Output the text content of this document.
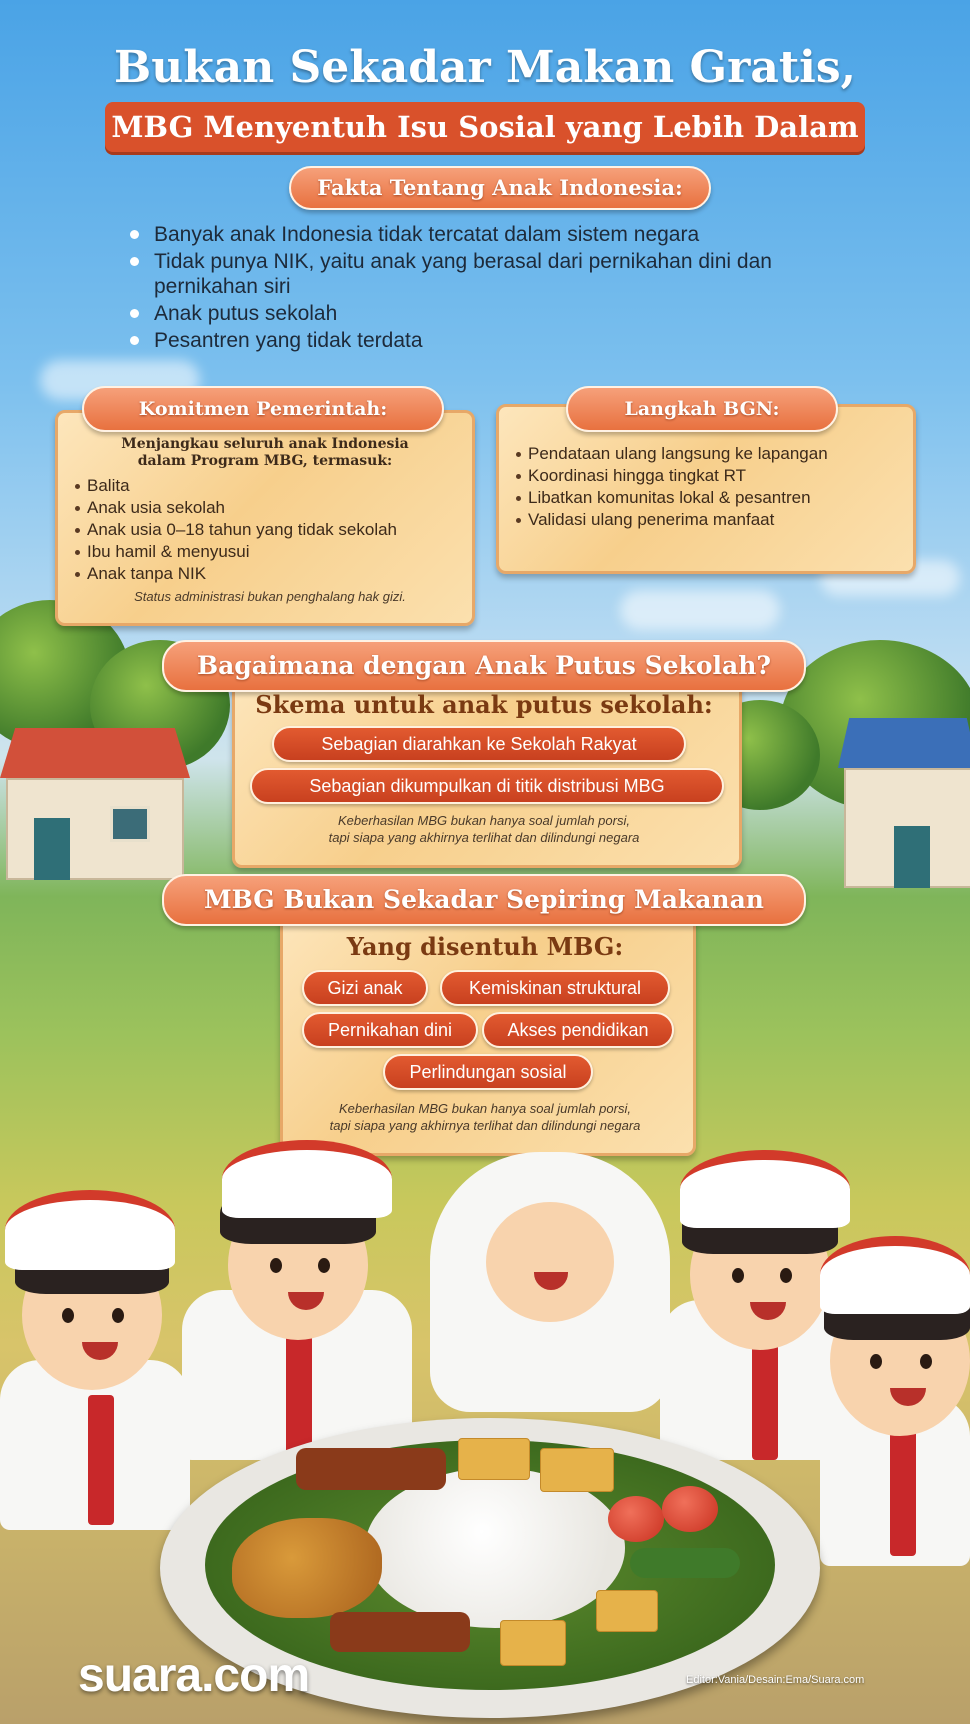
Bukan Sekadar Makan Gratis,
MBG Menyentuh Isu Sosial yang Lebih Dalam
Fakta Tentang Anak Indonesia:
Banyak anak Indonesia tidak tercatat dalam sistem negara
Tidak punya NIK, yaitu anak yang berasal dari pernikahan dini dan pernikahan siri
Anak putus sekolah
Pesantren yang tidak terdata
Komitmen Pemerintah:
Menjangkau seluruh anak Indonesia
dalam Program MBG, termasuk:
Balita
Anak usia sekolah
Anak usia 0–18 tahun yang tidak sekolah
Ibu hamil & menyusui
Anak tanpa NIK
Status administrasi bukan penghalang hak gizi.
Langkah BGN:
Pendataan ulang langsung ke lapangan
Koordinasi hingga tingkat RT
Libatkan komunitas lokal & pesantren
Validasi ulang penerima manfaat
Bagaimana dengan Anak Putus Sekolah?
Skema untuk anak putus sekolah:
Sebagian diarahkan ke Sekolah Rakyat
Sebagian dikumpulkan di titik distribusi MBG
Keberhasilan MBG bukan hanya soal jumlah porsi,
tapi siapa yang akhirnya terlihat dan dilindungi negara
MBG Bukan Sekadar Sepiring Makanan
Yang disentuh MBG:
Gizi anak	Kemiskinan struktural
Pernikahan dini	Akses pendidikan
Perlindungan sosial
Keberhasilan MBG bukan hanya soal jumlah porsi,
tapi siapa yang akhirnya terlihat dan dilindungi negara
suara.com	Editor:Vania/Desain:Ema/Suara.com
